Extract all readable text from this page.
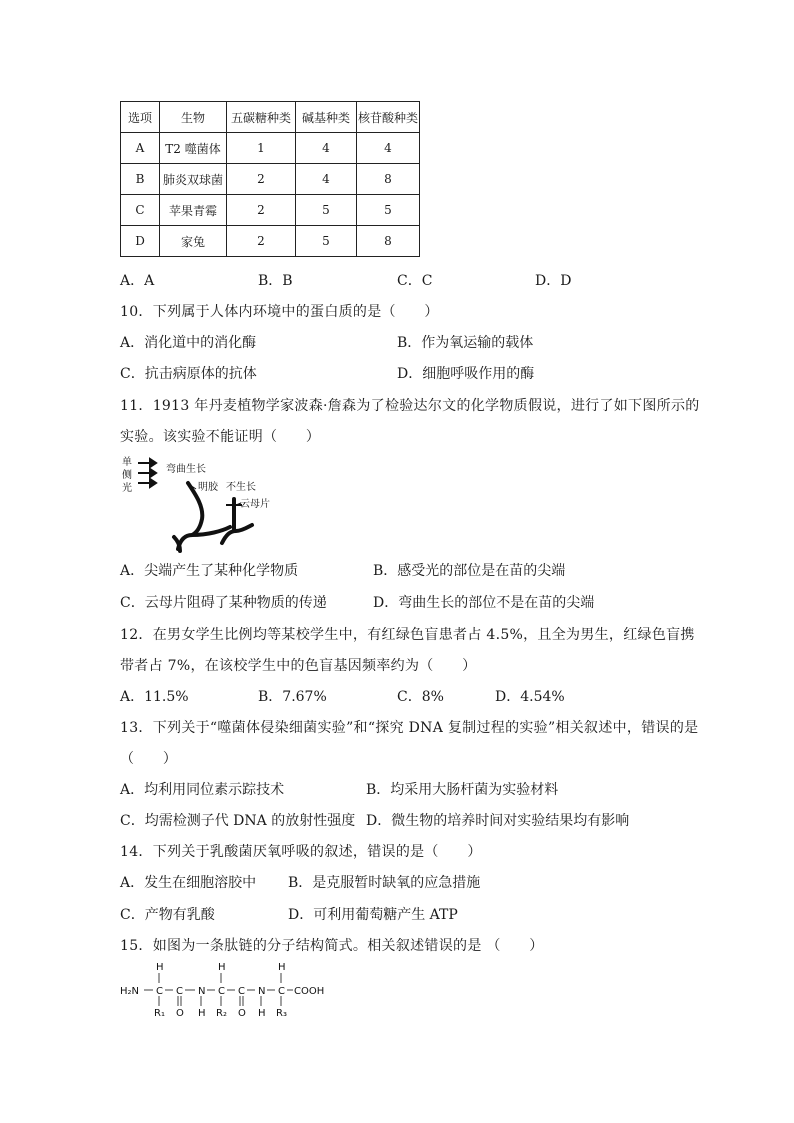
选项	生物	五碳糖种类	碱基种类	核苷酸种类
A	T2 噬菌体	1	4	4
B	肺炎双球菌	2	4	8
C	苹果青霉	2	5	5
D	家兔	2	5	8
A．A	B．B	C．C	D．D
10．下列属于人体内环境中的蛋白质的是（　　）
A．消化道中的消化酶	B．作为氧运输的载体
C．抗击病原体的抗体	D．细胞呼吸作用的酶
11．1913 年丹麦植物学家波森·詹森为了检验达尔文的化学物质假说，进行了如下图所示的
实验。该实验不能证明（　　）
单
侧
光
弯曲生长
明胶 不生长
云母片
A．尖端产生了某种化学物质	B．感受光的部位是在苗的尖端
C．云母片阻碍了某种物质的传递	D．弯曲生长的部位不是在苗的尖端
12．在男女学生比例均等某校学生中，有红绿色盲患者占 4.5%，且全为男生，红绿色盲携
带者占 7%，在该校学生中的色盲基因频率约为（　　）
A．11.5%	B．7.67%	C．8%	D．4.54%
13．下列关于“噬菌体侵染细菌实验”和“探究 DNA 复制过程的实验”相关叙述中，错误的是
（　　）
A．均利用同位素示踪技术	B．均采用大肠杆菌为实验材料
C．均需检测子代 DNA 的放射性强度 D．微生物的培养时间对实验结果均有影响
14．下列关于乳酸菌厌氧呼吸的叙述，错误的是（　　）
A．发生在细胞溶胶中 B．是克服暂时缺氧的应急措施
C．产物有乳酸	D．可利用葡萄糖产生 ATP
15．如图为一条肽链的分子结构简式。相关叙述错误的是 （　　）
H	H	H
H₂N C C N C C N C COOH
R₁ O H R₂ O H R₃
